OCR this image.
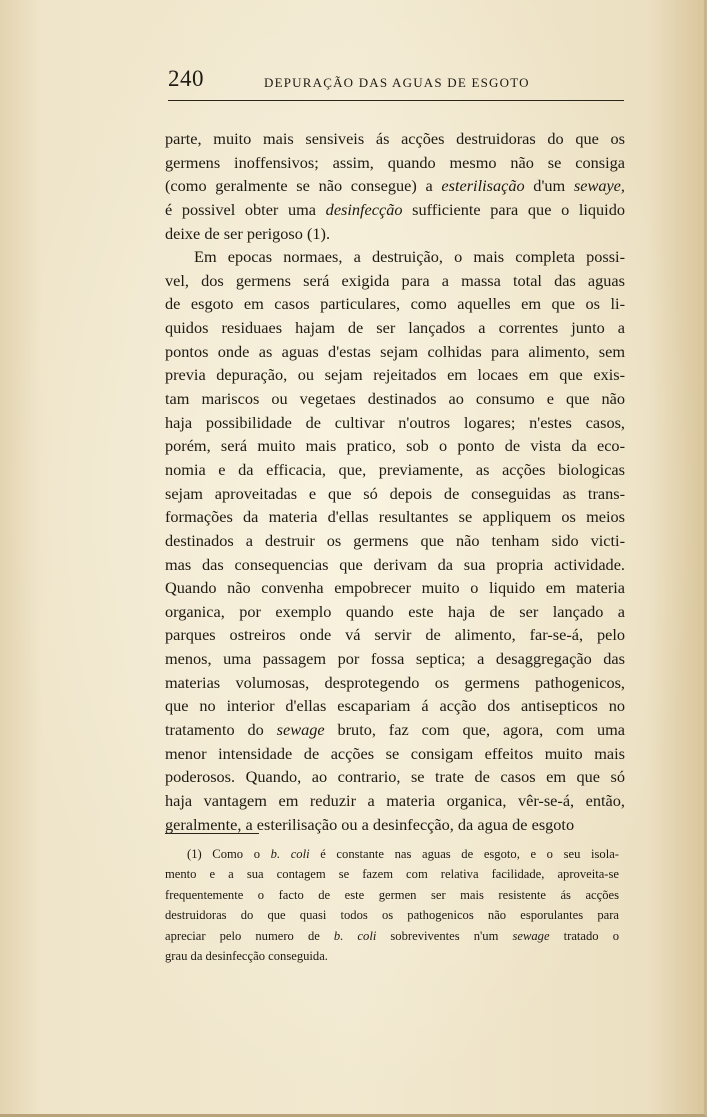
240	DEPURAÇÃO DAS AGUAS DE ESGOTO
parte, muito mais sensiveis ás acções destruidoras do que os
germens inoffensivos; assim, quando mesmo não se consiga
(como geralmente se não consegue) a esterilisação d'um sewaye,
é possivel obter uma desinfecção sufficiente para que o liquido
deixe de ser perigoso (1).
Em epocas normaes, a destruição, o mais completa possi-
vel, dos germens será exigida para a massa total das aguas
de esgoto em casos particulares, como aquelles em que os li-
quidos residuaes hajam de ser lançados a correntes junto a
pontos onde as aguas d'estas sejam colhidas para alimento, sem
previa depuração, ou sejam rejeitados em locaes em que exis-
tam mariscos ou vegetaes destinados ao consumo e que não
haja possibilidade de cultivar n'outros logares; n'estes casos,
porém, será muito mais pratico, sob o ponto de vista da eco-
nomia e da efficacia, que, previamente, as acções biologicas
sejam aproveitadas e que só depois de conseguidas as trans-
formações da materia d'ellas resultantes se appliquem os meios
destinados a destruir os germens que não tenham sido victi-
mas das consequencias que derivam da sua propria actividade.
Quando não convenha empobrecer muito o liquido em materia
organica, por exemplo quando este haja de ser lançado a
parques ostreiros onde vá servir de alimento, far-se-á, pelo
menos, uma passagem por fossa septica; a desaggregação das
materias volumosas, desprotegendo os germens pathogenicos,
que no interior d'ellas escapariam á acção dos antisepticos no
tratamento do sewage bruto, faz com que, agora, com uma
menor intensidade de acções se consigam effeitos muito mais
poderosos. Quando, ao contrario, se trate de casos em que só
haja vantagem em reduzir a materia organica, vêr-se-á, então,
geralmente, a esterilisação ou a desinfecção, da agua de esgoto
(1) Como o b. coli é constante nas aguas de esgoto, e o seu isola-
mento e a sua contagem se fazem com relativa facilidade, aproveita-se
frequentemente o facto de este germen ser mais resistente ás acções
destruidoras do que quasi todos os pathogenicos não esporulantes para
apreciar pelo numero de b. coli sobreviventes n'um sewage tratado o
grau da desinfecção conseguida.
